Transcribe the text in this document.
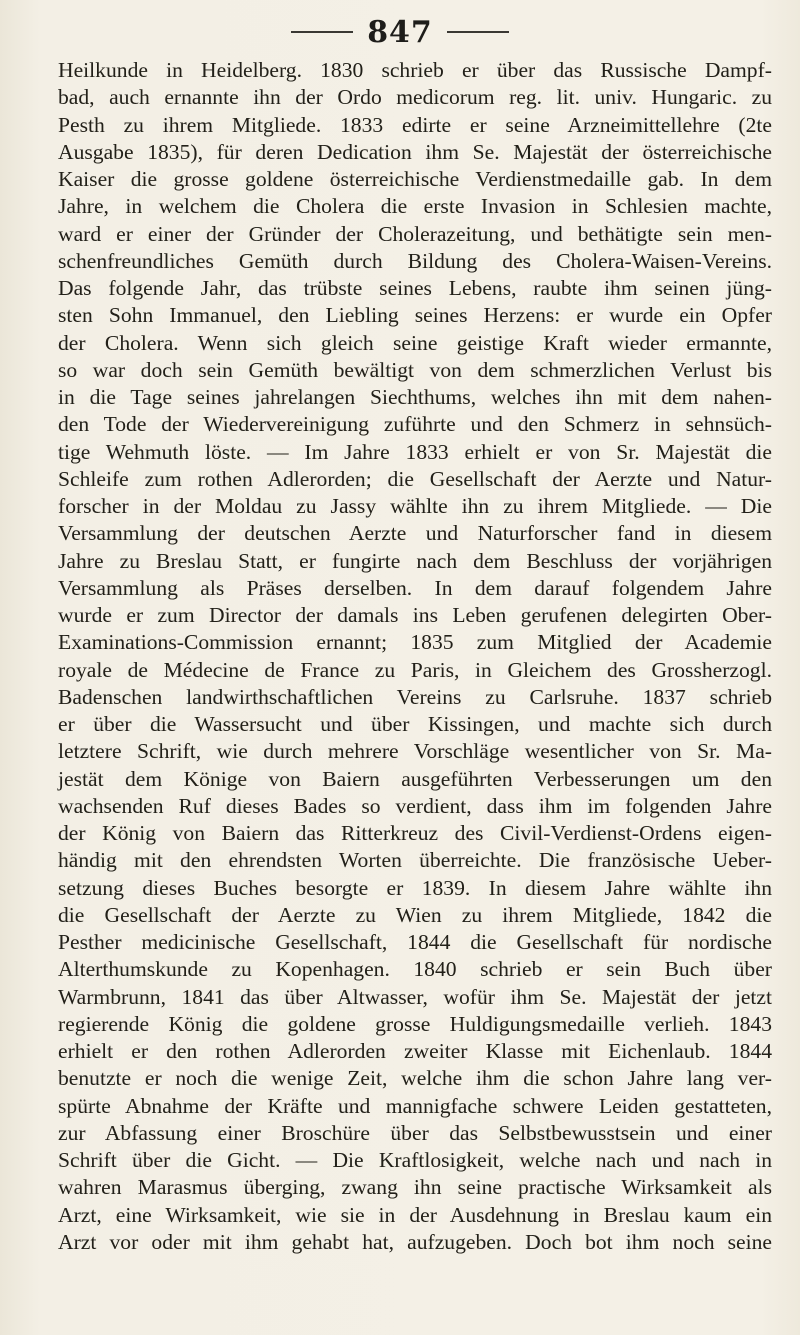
847
Heilkunde in Heidelberg. 1830 schrieb er über das Russische Dampf-
bad, auch ernannte ihn der Ordo medicorum reg. lit. univ. Hungaric. zu
Pesth zu ihrem Mitgliede. 1833 edirte er seine Arzneimittellehre (2te
Ausgabe 1835), für deren Dedication ihm Se. Majestät der österreichische
Kaiser die grosse goldene österreichische Verdienstmedaille gab. In dem
Jahre, in welchem die Cholera die erste Invasion in Schlesien machte,
ward er einer der Gründer der Cholerazeitung, und bethätigte sein men-
schenfreundliches Gemüth durch Bildung des Cholera-Waisen-Vereins.
Das folgende Jahr, das trübste seines Lebens, raubte ihm seinen jüng-
sten Sohn Immanuel, den Liebling seines Herzens: er wurde ein Opfer
der Cholera. Wenn sich gleich seine geistige Kraft wieder ermannte,
so war doch sein Gemüth bewältigt von dem schmerzlichen Verlust bis
in die Tage seines jahrelangen Siechthums, welches ihn mit dem nahen-
den Tode der Wiedervereinigung zuführte und den Schmerz in sehnsüch-
tige Wehmuth löste. — Im Jahre 1833 erhielt er von Sr. Majestät die
Schleife zum rothen Adlerorden; die Gesellschaft der Aerzte und Natur-
forscher in der Moldau zu Jassy wählte ihn zu ihrem Mitgliede. — Die
Versammlung der deutschen Aerzte und Naturforscher fand in diesem
Jahre zu Breslau Statt, er fungirte nach dem Beschluss der vorjährigen
Versammlung als Präses derselben. In dem darauf folgendem Jahre
wurde er zum Director der damals ins Leben gerufenen delegirten Ober-
Examinations-Commission ernannt; 1835 zum Mitglied der Academie
royale de Médecine de France zu Paris, in Gleichem des Grossherzogl.
Badenschen landwirthschaftlichen Vereins zu Carlsruhe. 1837 schrieb
er über die Wassersucht und über Kissingen, und machte sich durch
letztere Schrift, wie durch mehrere Vorschläge wesentlicher von Sr. Ma-
jestät dem Könige von Baiern ausgeführten Verbesserungen um den
wachsenden Ruf dieses Bades so verdient, dass ihm im folgenden Jahre
der König von Baiern das Ritterkreuz des Civil-Verdienst-Ordens eigen-
händig mit den ehrendsten Worten überreichte. Die französische Ueber-
setzung dieses Buches besorgte er 1839. In diesem Jahre wählte ihn
die Gesellschaft der Aerzte zu Wien zu ihrem Mitgliede, 1842 die
Pesther medicinische Gesellschaft, 1844 die Gesellschaft für nordische
Alterthumskunde zu Kopenhagen. 1840 schrieb er sein Buch über
Warmbrunn, 1841 das über Altwasser, wofür ihm Se. Majestät der jetzt
regierende König die goldene grosse Huldigungsmedaille verlieh. 1843
erhielt er den rothen Adlerorden zweiter Klasse mit Eichenlaub. 1844
benutzte er noch die wenige Zeit, welche ihm die schon Jahre lang ver-
spürte Abnahme der Kräfte und mannigfache schwere Leiden gestatteten,
zur Abfassung einer Broschüre über das Selbstbewusstsein und einer
Schrift über die Gicht. — Die Kraftlosigkeit, welche nach und nach in
wahren Marasmus überging, zwang ihn seine practische Wirksamkeit als
Arzt, eine Wirksamkeit, wie sie in der Ausdehnung in Breslau kaum ein
Arzt vor oder mit ihm gehabt hat, aufzugeben. Doch bot ihm noch seine
